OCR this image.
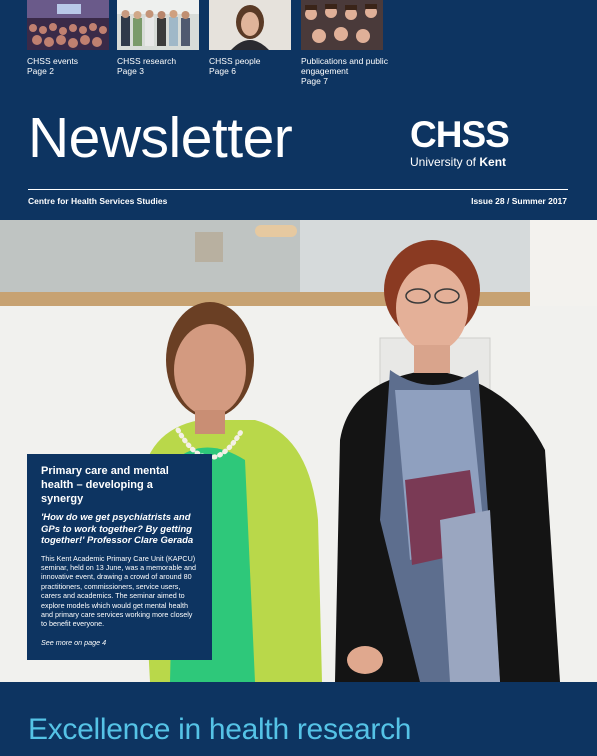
CHSS events
Page 2
CHSS research
Page 3
CHSS people
Page 6
Publications and public engagement
Page 7
Newsletter	CHSS
University of Kent
Centre for Health Services Studies	Issue 28 / Summer 2017
Primary care and mental health – developing a synergy
'How do we get psychiatrists and GPs to work together? By getting together!' Professor Clare Gerada
This Kent Academic Primary Care Unit (KAPCU) seminar, held on 13 June, was a memorable and innovative event, drawing a crowd of around 80 practitioners, commissioners, service users, carers and academics. The seminar aimed to explore models which would get mental health and primary care services working more closely to benefit everyone.
See more on page 4
Excellence in health research
